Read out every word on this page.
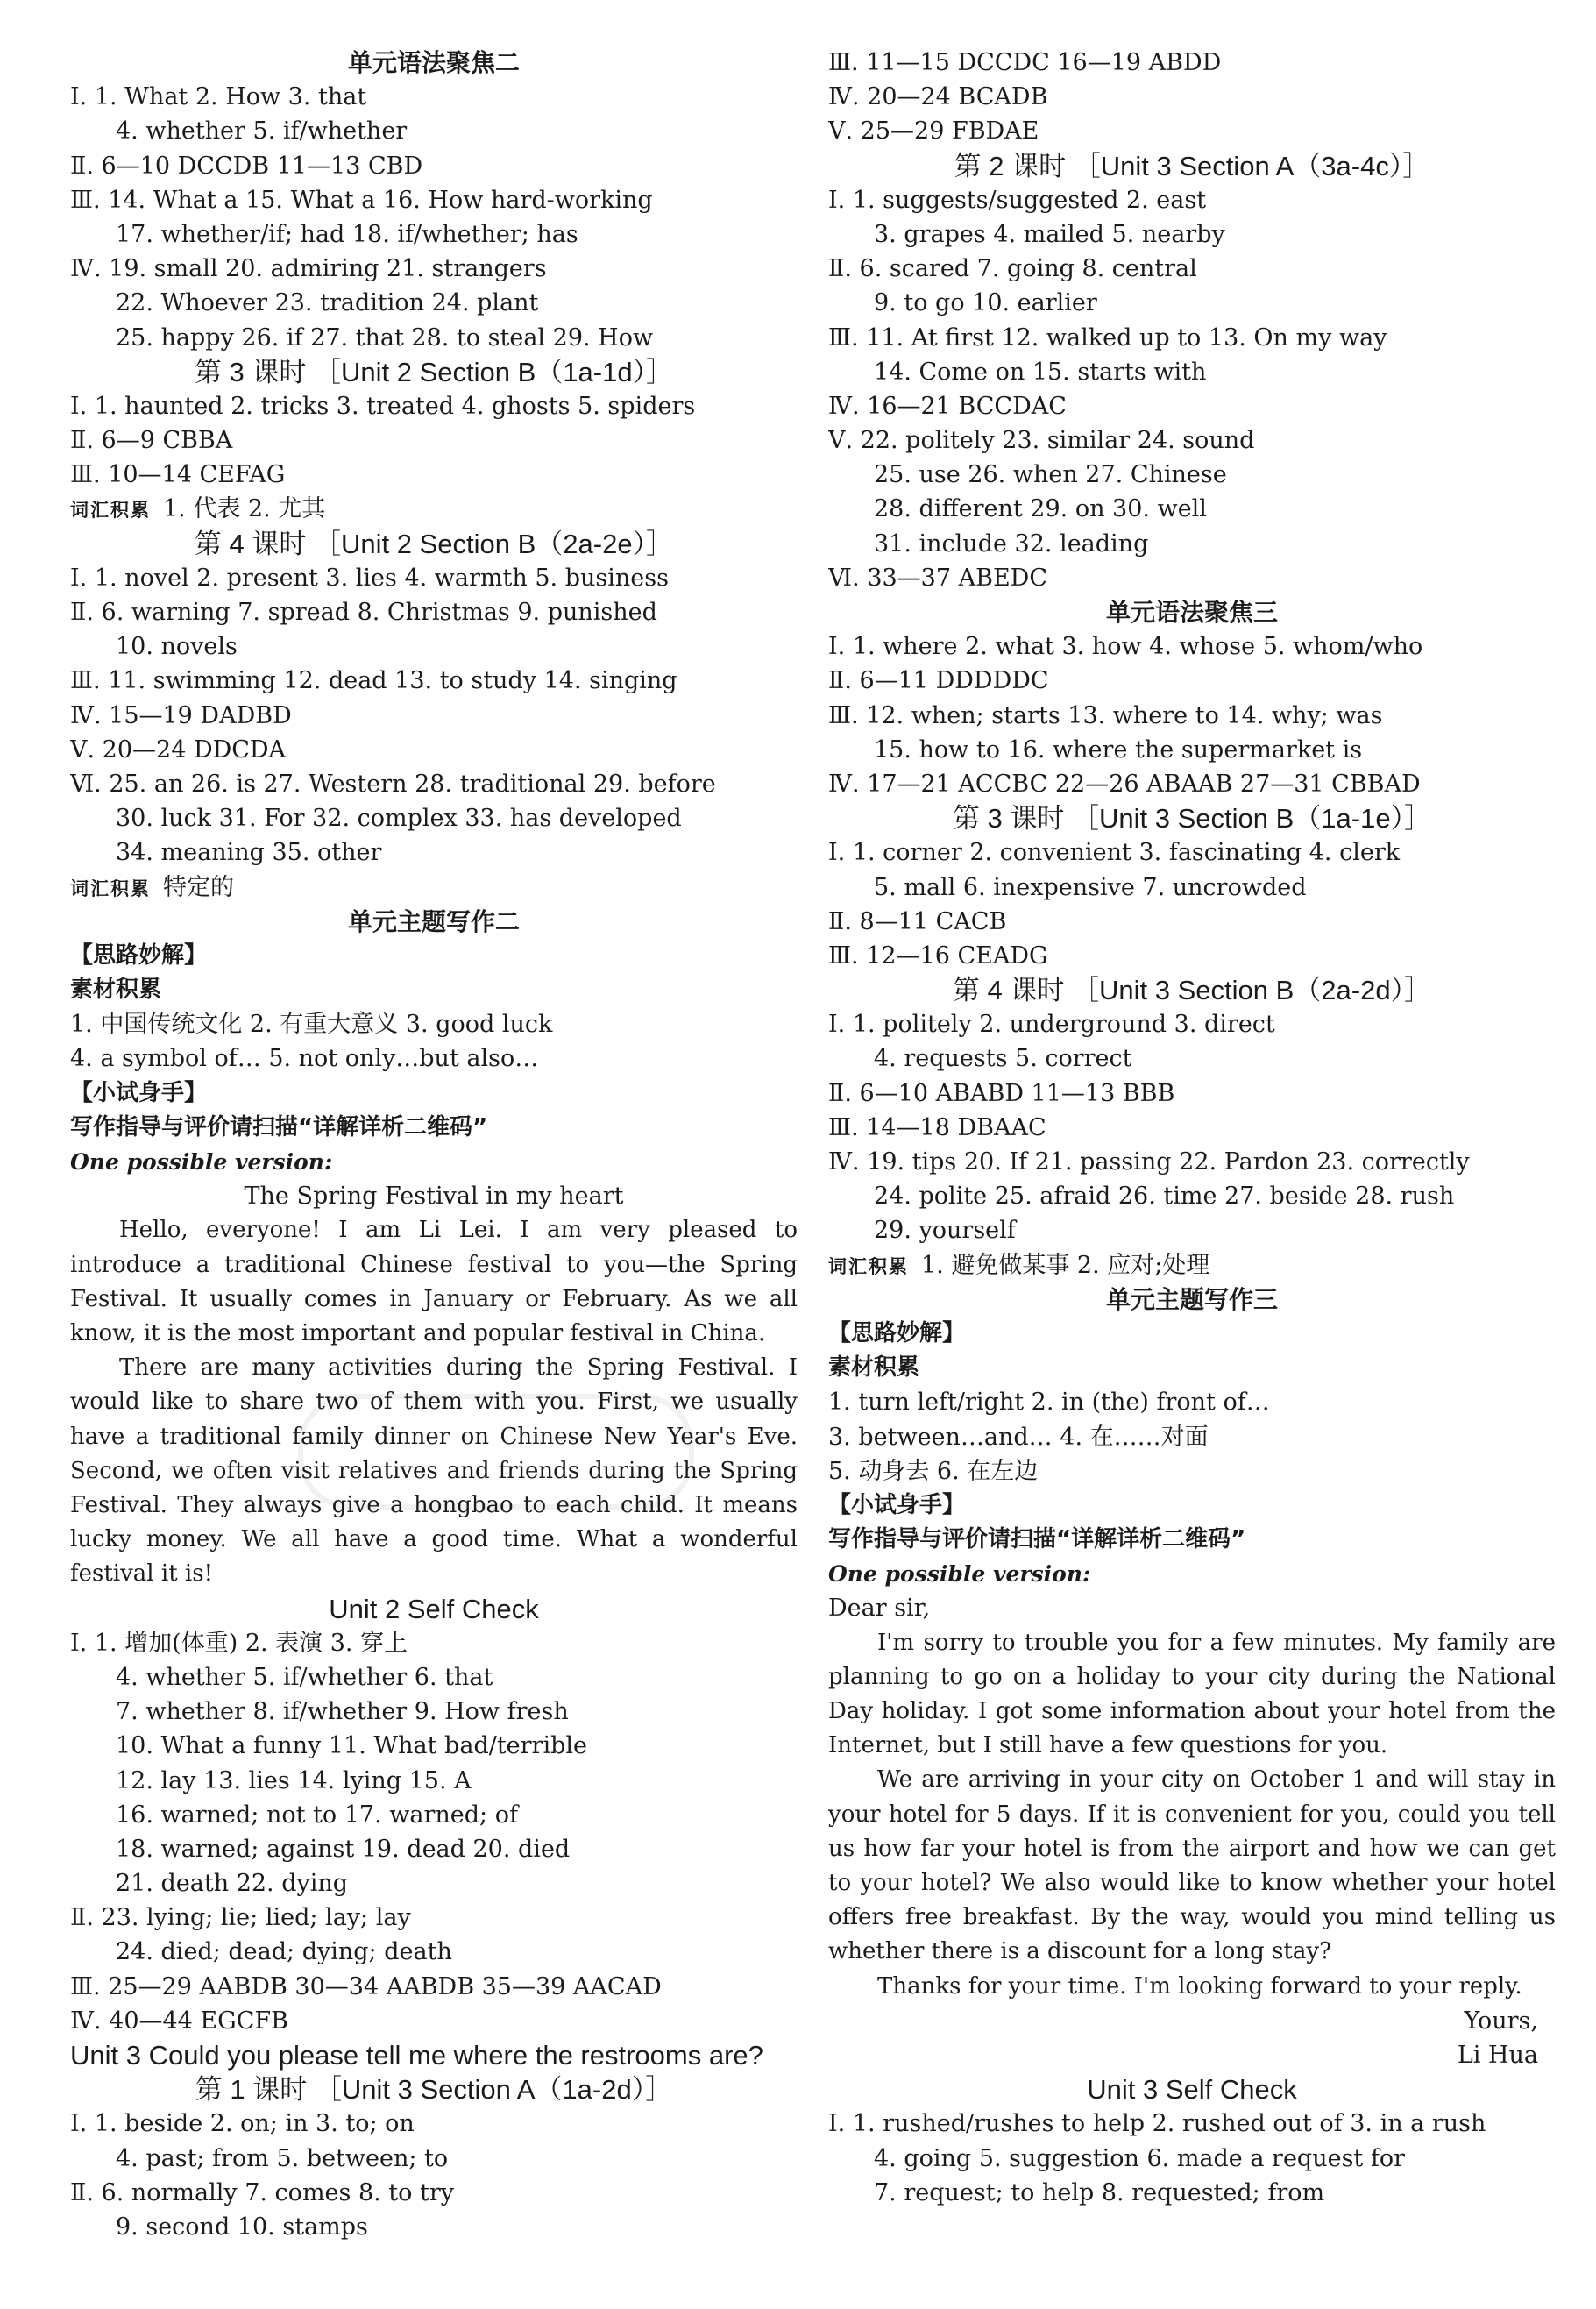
单元语法聚焦二
Ⅰ. 1. What 2. How 3. that
4. whether 5. if/whether
Ⅱ. 6—10 DCCDB 11—13 CBD
Ⅲ. 14. What a 15. What a 16. How hard-working
17. whether/if; had 18. if/whether; has
Ⅳ. 19. small 20. admiring 21. strangers
22. Whoever 23. tradition 24. plant
25. happy 26. if 27. that 28. to steal 29. How
第 3 课时 ［Unit 2 Section B（1a-1d）］
Ⅰ. 1. haunted 2. tricks 3. treated 4. ghosts 5. spiders
Ⅱ. 6—9 CBBA
Ⅲ. 10—14 CEFAG
词汇积累 1. 代表 2. 尤其
第 4 课时 ［Unit 2 Section B（2a-2e）］
Ⅰ. 1. novel 2. present 3. lies 4. warmth 5. business
Ⅱ. 6. warning 7. spread 8. Christmas 9. punished
10. novels
Ⅲ. 11. swimming 12. dead 13. to study 14. singing
Ⅳ. 15—19 DADBD
Ⅴ. 20—24 DDCDA
Ⅵ. 25. an 26. is 27. Western 28. traditional 29. before
30. luck 31. For 32. complex 33. has developed
34. meaning 35. other
词汇积累 特定的
单元主题写作二
【思路妙解】
素材积累
1. 中国传统文化 2. 有重大意义 3. good luck
4. a symbol of… 5. not only…but also…
【小试身手】
写作指导与评价请扫描“详解详析二维码”
One possible version:
The Spring Festival in my heart

Hello, everyone! I am Li Lei. I am very pleased to introduce a traditional Chinese festival to you—the Spring Festival. It usually comes in January or February. As we all know, it is the most important and popular festival in China.

There are many activities during the Spring Festival. I would like to share two of them with you. First, we usually have a traditional family dinner on Chinese New Year's Eve. Second, we often visit relatives and friends during the Spring Festival. They always give a hongbao to each child. It means lucky money. We all have a good time. What a wonderful festival it is!

Unit 2 Self Check
Ⅰ. 1. 增加(体重) 2. 表演 3. 穿上
4. whether 5. if/whether 6. that
7. whether 8. if/whether 9. How fresh
10. What a funny 11. What bad/terrible
12. lay 13. lies 14. lying 15. A
16. warned; not to 17. warned; of
18. warned; against 19. dead 20. died
21. death 22. dying
Ⅱ. 23. lying; lie; lied; lay; lay
24. died; dead; dying; death
Ⅲ. 25—29 AABDB 30—34 AABDB 35—39 AACAD
Ⅳ. 40—44 EGCFB
Unit 3 Could you please tell me where the restrooms are?
第 1 课时 ［Unit 3 Section A（1a-2d）］
Ⅰ. 1. beside 2. on; in 3. to; on
4. past; from 5. between; to
Ⅱ. 6. normally 7. comes 8. to try
9. second 10. stamps
Ⅲ. 11—15 DCCDC 16—19 ABDD
Ⅳ. 20—24 BCADB
Ⅴ. 25—29 FBDAE
第 2 课时 ［Unit 3 Section A（3a-4c）］
Ⅰ. 1. suggests/suggested 2. east
3. grapes 4. mailed 5. nearby
Ⅱ. 6. scared 7. going 8. central
9. to go 10. earlier
Ⅲ. 11. At first 12. walked up to 13. On my way
14. Come on 15. starts with
Ⅳ. 16—21 BCCDAC
Ⅴ. 22. politely 23. similar 24. sound
25. use 26. when 27. Chinese
28. different 29. on 30. well
31. include 32. leading
Ⅵ. 33—37 ABEDC
单元语法聚焦三
Ⅰ. 1. where 2. what 3. how 4. whose 5. whom/who
Ⅱ. 6—11 DDDDDC
Ⅲ. 12. when; starts 13. where to 14. why; was
15. how to 16. where the supermarket is
Ⅳ. 17—21 ACCBC 22—26 ABAAB 27—31 CBBAD
第 3 课时 ［Unit 3 Section B（1a-1e）］
Ⅰ. 1. corner 2. convenient 3. fascinating 4. clerk
5. mall 6. inexpensive 7. uncrowded
Ⅱ. 8—11 CACB
Ⅲ. 12—16 CEADG
第 4 课时 ［Unit 3 Section B（2a-2d）］
Ⅰ. 1. politely 2. underground 3. direct
4. requests 5. correct
Ⅱ. 6—10 ABABD 11—13 BBB
Ⅲ. 14—18 DBAAC
Ⅳ. 19. tips 20. If 21. passing 22. Pardon 23. correctly
24. polite 25. afraid 26. time 27. beside 28. rush
29. yourself
词汇积累 1. 避免做某事 2. 应对;处理
单元主题写作三
【思路妙解】
素材积累
1. turn left/right 2. in (the) front of…
3. between…and… 4. 在……对面
5. 动身去 6. 在左边
【小试身手】
写作指导与评价请扫描“详解详析二维码”
One possible version:
Dear sir,

I'm sorry to trouble you for a few minutes. My family are planning to go on a holiday to your city during the National Day holiday. I got some information about your hotel from the Internet, but I still have a few questions for you.

We are arriving in your city on October 1 and will stay in your hotel for 5 days. If it is convenient for you, could you tell us how far your hotel is from the airport and how we can get to your hotel? We also would like to know whether your hotel offers free breakfast. By the way, would you mind telling us whether there is a discount for a long stay?

Thanks for your time. I'm looking forward to your reply.

Yours,
Li Hua
Unit 3 Self Check
Ⅰ. 1. rushed/rushes to help 2. rushed out of 3. in a rush
4. going 5. suggestion 6. made a request for
7. request; to help 8. requested; from
